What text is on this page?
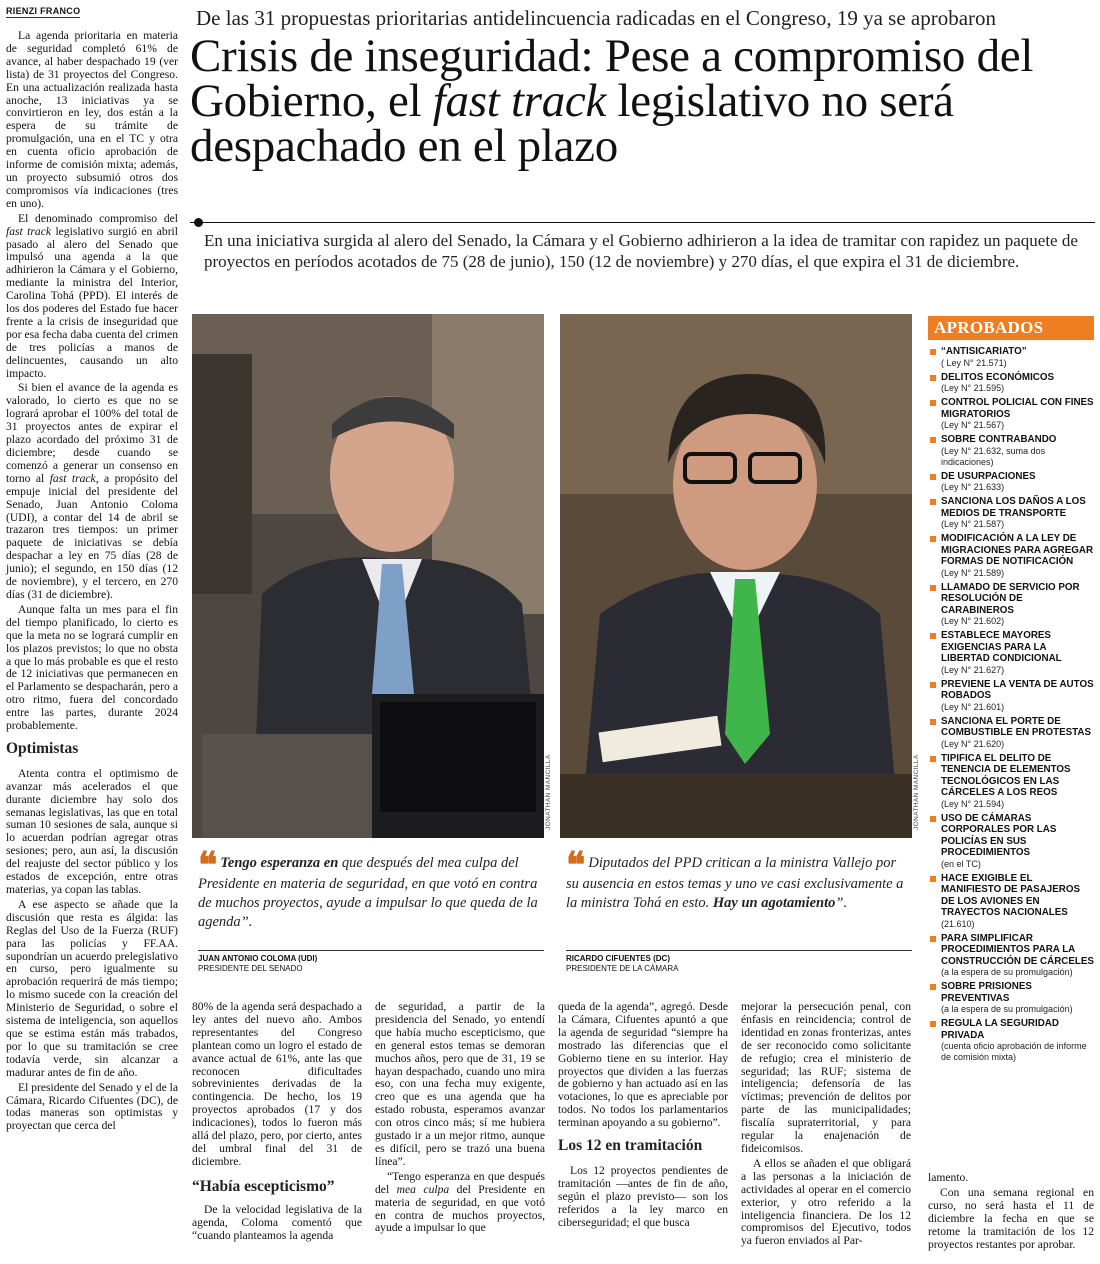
RIENZI FRANCO

La agenda prioritaria en materia de seguridad completó 61% de avance, al haber despachado 19 (ver lista) de 31 proyectos del Congreso. En una actualización realizada hasta anoche, 13 iniciativas ya se convirtieron en ley, dos están a la espera de su trámite de promulgación, una en el TC y otra en cuenta oficio aprobación de informe de comisión mixta; además, un proyecto subsumió otros dos compromisos vía indicaciones (tres en uno).

El denominado compromiso del fast track legislativo surgió en abril pasado al alero del Senado que impulsó una agenda a la que adhirieron la Cámara y el Gobierno, mediante la ministra del Interior, Carolina Tohá (PPD). El interés de los dos poderes del Estado fue hacer frente a la crisis de inseguridad que por esa fecha daba cuenta del crimen de tres policías a manos de delincuentes, causando un alto impacto.

Si bien el avance de la agenda es valorado, lo cierto es que no se logrará aprobar el 100% del total de 31 proyectos antes de expirar el plazo acordado del próximo 31 de diciembre; desde cuando se comenzó a generar un consenso en torno al fast track, a propósito del empuje inicial del presidente del Senado, Juan Antonio Coloma (UDI), a contar del 14 de abril se trazaron tres tiempos: un primer paquete de iniciativas se debía despachar a ley en 75 días (28 de junio); el segundo, en 150 días (12 de noviembre), y el tercero, en 270 días (31 de diciembre).

Aunque falta un mes para el fin del tiempo planificado, lo cierto es que la meta no se logrará cumplir en los plazos previstos; lo que no obsta a que lo más probable es que el resto de 12 iniciativas que permanecen en el Parlamento se despacharán, pero a otro ritmo, fuera del concordado entre las partes, durante 2024 probablemente.

Optimistas

Atenta contra el optimismo de avanzar más acelerados el que durante diciembre hay solo dos semanas legislativas, las que en total suman 10 sesiones de sala, aunque si lo acuerdan podrían agregar otras sesiones; pero, aun así, la discusión del reajuste del sector público y los estados de excepción, entre otras materias, ya copan las tablas.

A ese aspecto se añade que la discusión que resta es álgida: las Reglas del Uso de la Fuerza (RUF) para las policías y FF.AA. supondrían un acuerdo prelegislativo en curso, pero igualmente su aprobación requerirá de más tiempo; lo mismo sucede con la creación del Ministerio de Seguridad, o sobre el sistema de inteligencia, son aquellos que se estima están más trabados, por lo que su tramitación se cree todavía verde, sin alcanzar a madurar antes de fin de año.

El presidente del Senado y el de la Cámara, Ricardo Cifuentes (DC), de todas maneras son optimistas y proyectan que cerca del

De las 31 propuestas prioritarias antidelincuencia radicadas en el Congreso, 19 ya se aprobaron
Crisis de inseguridad: Pese a compromiso del Gobierno, el fast track legislativo no será despachado en el plazo
En una iniciativa surgida al alero del Senado, la Cámara y el Gobierno adhirieron a la idea de tramitar con rapidez un paquete de proyectos en períodos acotados de 75 (28 de junio), 150 (12 de noviembre) y 270 días, el que expira el 31 de diciembre.
JONATHAN MANCILLA	JONATHAN MANCILLA
❝ Tengo esperanza en que después del mea culpa del Presidente en materia de seguridad, en que votó en contra de muchos proyectos, ayude a impulsar lo que queda de la agenda”.
JUAN ANTONIO COLOMA (UDI)
PRESIDENTE DEL SENADO
❝ Diputados del PPD critican a la ministra Vallejo por su ausencia en estos temas y uno ve casi exclusivamente a la ministra Tohá en esto. Hay un agotamiento”.
RICARDO CIFUENTES (DC)
PRESIDENTE DE LA CÁMARA

80% de la agenda será despachado a ley antes del nuevo año. Ambos representantes del Congreso plantean como un logro el estado de avance actual de 61%, ante las que reconocen dificultades sobrevinientes derivadas de la contingencia. De hecho, los 19 proyectos aprobados (17 y dos indicaciones), todos lo fueron más allá del plazo, pero, por cierto, antes del umbral final del 31 de diciembre.

“Había escepticismo”

De la velocidad legislativa de la agenda, Coloma comentó que “cuando planteamos la agenda

de seguridad, a partir de la presidencia del Senado, yo entendí que había mucho escepticismo, que en general estos temas se demoran muchos años, pero que de 31, 19 se hayan despachado, cuando uno mira eso, con una fecha muy exigente, creo que es una agenda que ha estado robusta, esperamos avanzar con otros cinco más; sí me hubiera gustado ir a un mejor ritmo, aunque es difícil, pero se trazó una buena línea”.

“Tengo esperanza en que después del mea culpa del Presidente en materia de seguridad, en que votó en contra de muchos proyectos, ayude a impulsar lo que

queda de la agenda”, agregó. Desde la Cámara, Cifuentes apuntó a que la agenda de seguridad “siempre ha mostrado las diferencias que el Gobierno tiene en su interior. Hay proyectos que dividen a las fuerzas de gobierno y han actuado así en las votaciones, lo que es apreciable por todos. No todos los parlamentarios terminan apoyando a su gobierno”.

Los 12 en tramitación

Los 12 proyectos pendientes de tramitación —antes de fin de año, según el plazo previsto— son los referidos a la ley marco en ciberseguridad; el que busca

mejorar la persecución penal, con énfasis en reincidencia; control de identidad en zonas fronterizas, antes de ser reconocido como solicitante de refugio; crea el ministerio de seguridad; las RUF; sistema de inteligencia; defensoría de las víctimas; prevención de delitos por parte de las municipalidades; fiscalía supraterritorial, y para regular la enajenación de fideicomisos.

A ellos se añaden el que obligará a las personas a la iniciación de actividades al operar en el comercio exterior, y otro referido a la inteligencia financiera. De los 12 compromisos del Ejecutivo, todos ya fueron enviados al Par-

lamento.

Con una semana regional en curso, no será hasta el 11 de diciembre la fecha en que se retome la tramitación de los 12 proyectos restantes por aprobar.

APROBADOS
“ANTISICARIATO”
( Ley N° 21.571)
DELITOS ECONÓMICOS
(Ley N° 21.595)
CONTROL POLICIAL CON FINES MIGRATORIOS
(Ley N° 21.567)
SOBRE CONTRABANDO
(Ley N° 21.632, suma dos indicaciones)
DE USURPACIONES
(Ley N° 21.633)
SANCIONA LOS DAÑOS A LOS MEDIOS DE TRANSPORTE
(Ley N° 21.587)
MODIFICACIÓN A LA LEY DE MIGRACIONES PARA AGREGAR FORMAS DE NOTIFICACIÓN
(Ley N° 21.589)
LLAMADO DE SERVICIO POR RESOLUCIÓN DE CARABINEROS
(Ley N° 21.602)
ESTABLECE MAYORES EXIGENCIAS PARA LA LIBERTAD CONDICIONAL
(Ley N° 21.627)
PREVIENE LA VENTA DE AUTOS ROBADOS
(Ley N° 21.601)
SANCIONA EL PORTE DE COMBUSTIBLE EN PROTESTAS
(Ley N° 21.620)
TIPIFICA EL DELITO DE TENENCIA DE ELEMENTOS TECNOLÓGICOS EN LAS CÁRCELES A LOS REOS
(Ley N° 21.594)
USO DE CÁMARAS CORPORALES POR LAS POLICÍAS EN SUS PROCEDIMIENTOS
(en el TC)
HACE EXIGIBLE EL MANIFIESTO DE PASAJEROS DE LOS AVIONES EN TRAYECTOS NACIONALES
(21.610)
PARA SIMPLIFICAR PROCEDIMIENTOS PARA LA CONSTRUCCIÓN DE CÁRCELES
(a la espera de su promulgación)
SOBRE PRISIONES PREVENTIVAS
(a la espera de su promulgación)
REGULA LA SEGURIDAD PRIVADA
(cuenta oficio aprobación de informe de comisión mixta)
